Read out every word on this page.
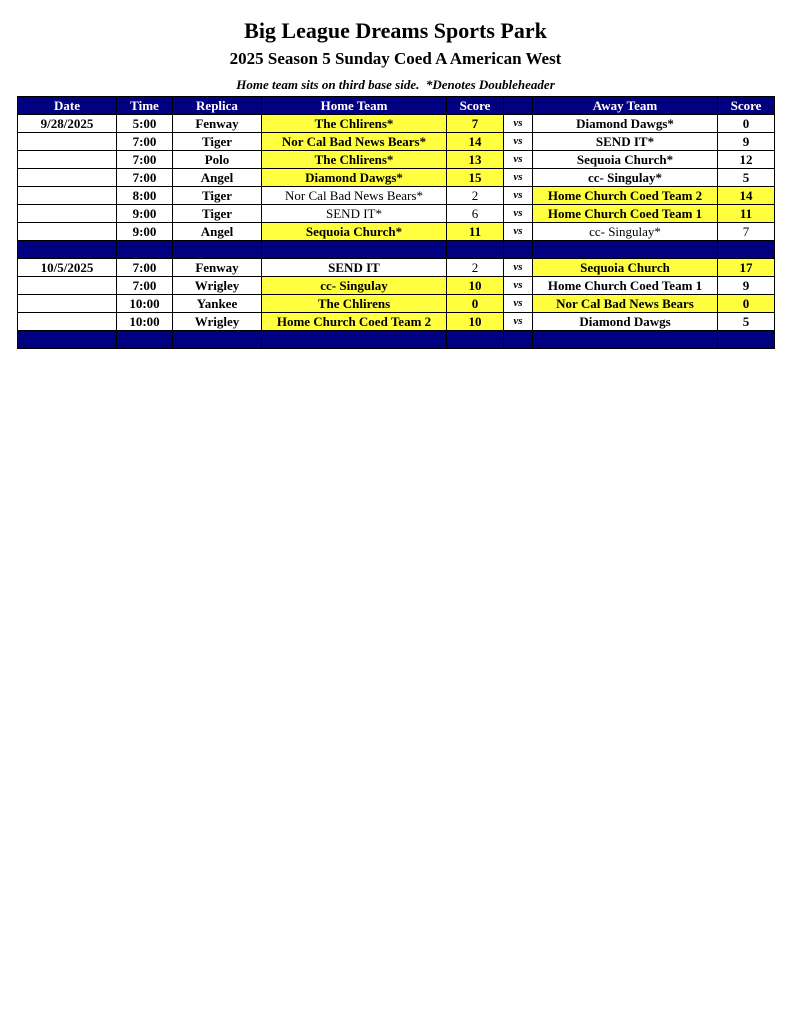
Big League Dreams Sports Park
2025 Season 5 Sunday Coed A American West
Home team sits on third base side.  *Denotes Doubleheader
Date	Time	Replica	Home Team	Score		Away Team	Score
9/28/2025	5:00	Fenway	The Chlirens*	7	vs	Diamond Dawgs*	0
	7:00	Tiger	Nor Cal Bad News Bears*	14	vs	SEND IT*	9
	7:00	Polo	The Chlirens*	13	vs	Sequoia Church*	12
	7:00	Angel	Diamond Dawgs*	15	vs	cc- Singulay*	5
	8:00	Tiger	Nor Cal Bad News Bears*	2	vs	Home Church Coed Team 2	14
	9:00	Tiger	SEND IT*	6	vs	Home Church Coed Team 1	11
	9:00	Angel	Sequoia Church*	11	vs	cc- Singulay*	7

10/5/2025	7:00	Fenway	SEND IT	2	vs	Sequoia Church	17
	7:00	Wrigley	cc- Singulay	10	vs	Home Church Coed Team 1	9
	10:00	Yankee	The Chlirens	0	vs	Nor Cal Bad News Bears	0
	10:00	Wrigley	Home Church Coed Team 2	10	vs	Diamond Dawgs	5
